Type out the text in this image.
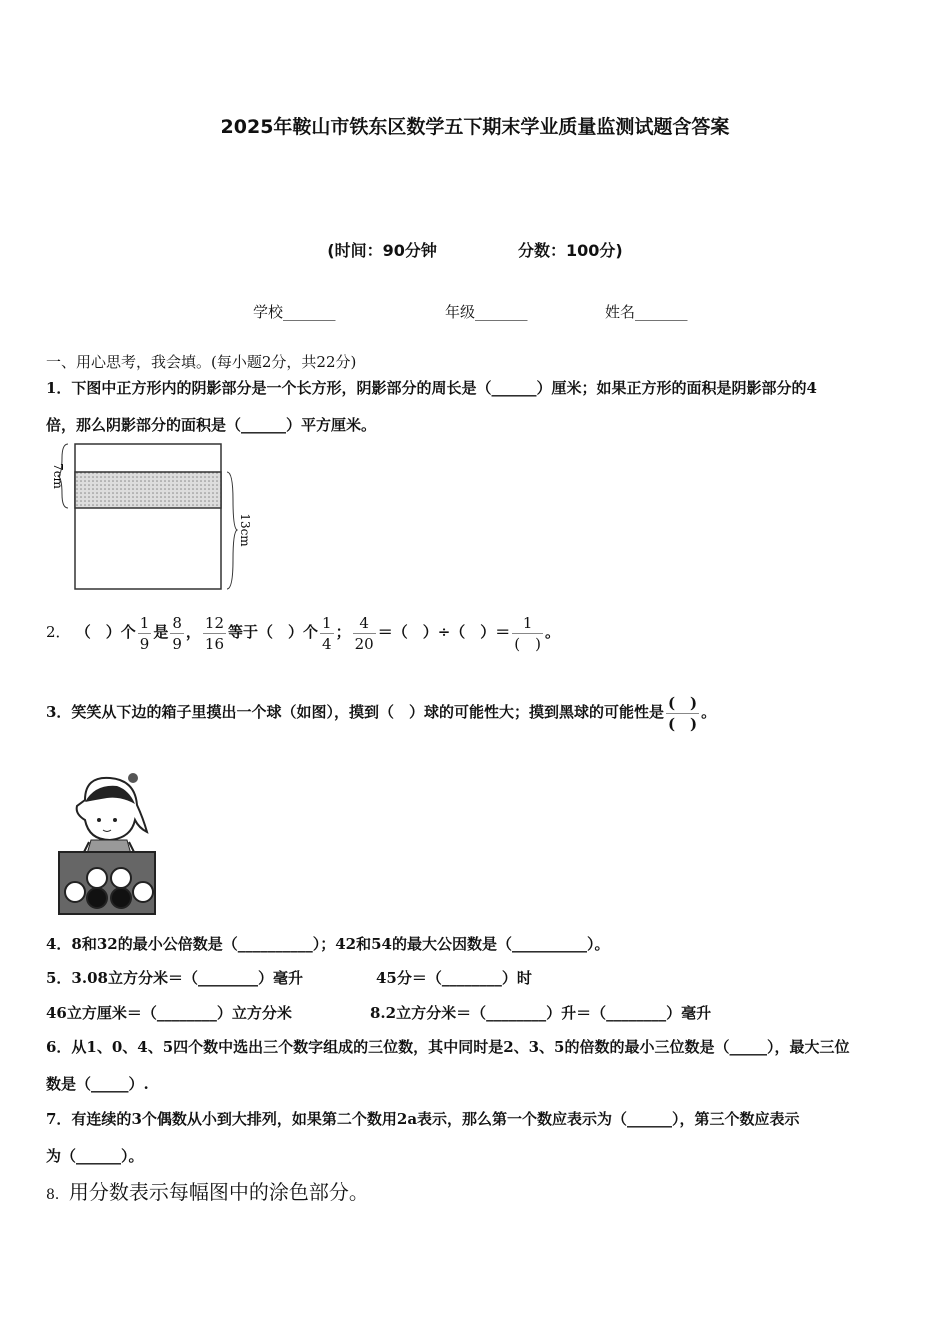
2025年鞍山市铁东区数学五下期末学业质量监测试题含答案
(时间：90分钟	分数：100分)
学校_______	年级_______	姓名_______
一、用心思考，我会填。(每小题2分，共22分)
1．下图中正方形内的阴影部分是一个长方形，阴影部分的周长是（______）厘米；如果正方形的面积是阴影部分的4
倍，那么阴影部分的面积是（______）平方厘米。
7cm
13cm
2． （　）个 $\frac{1}{9}$ 是 $\frac{8}{9}$ ， $\frac{12}{16}$ 等于（　）个 $\frac{1}{4}$ ； $\frac{4}{20}$ ＝（　）÷（　）＝ $\frac{1}{( )}$ 。
3．笑笑从下边的箱子里摸出一个球（如图），摸到（　）球的可能性大；摸到黑球的可能性是 $\frac{( )}{( )}$ 。
4．8和32的最小公倍数是（__________）；42和54的最大公因数是（__________）。
5．3.08立方分米＝（________）毫升	45分＝（________）时
46立方厘米＝（________）立方分米	8.2立方分米＝（________）升＝（________）毫升
6．从1、0、4、5四个数中选出三个数字组成的三位数，其中同时是2、3、5的倍数的最小三位数是（_____），最大三位
数是（_____）.
7．有连续的3个偶数从小到大排列，如果第二个数用2a表示，那么第一个数应表示为（______），第三个数应表示
为（______）。
8．用分数表示每幅图中的涂色部分。
